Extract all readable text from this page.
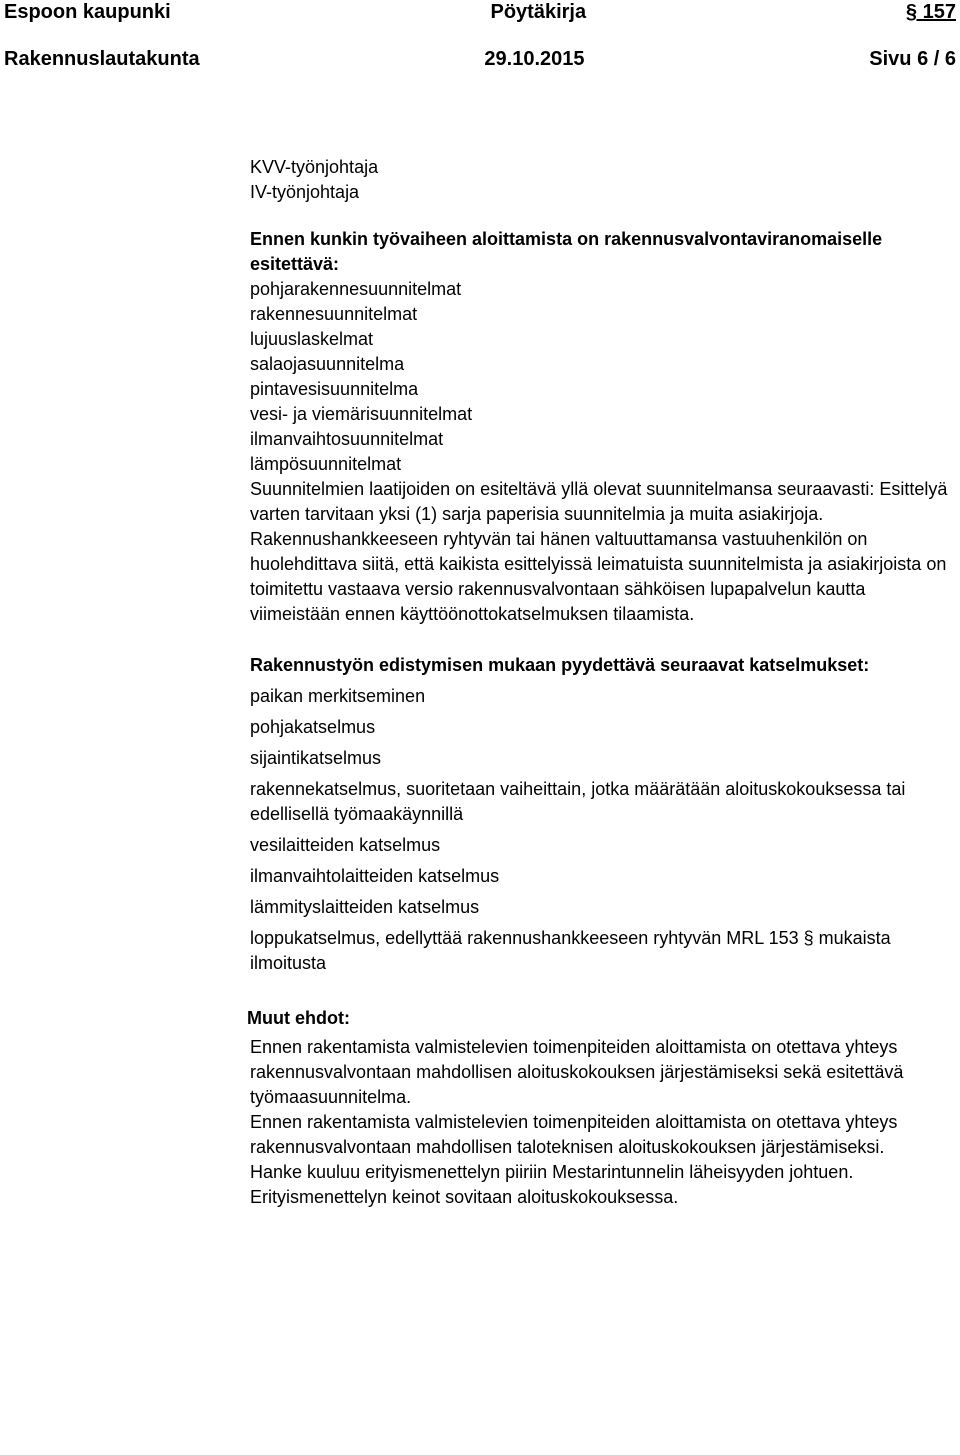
Espoon kaupunki	Pöytäkirja	§ 157
Rakennuslautakunta	29.10.2015	Sivu 6 / 6
KVV-työnjohtaja
IV-työnjohtaja

Ennen kunkin työvaiheen aloittamista on rakennusvalvontaviranomaiselle esitettävä:

pohjarakennesuunnitelmat
rakennesuunnitelmat
lujuuslaskelmat
salaojasuunnitelma
pintavesisuunnitelma
vesi- ja viemärisuunnitelmat
ilmanvaihtosuunnitelmat
lämpösuunnitelmat

Suunnitelmien laatijoiden on esiteltävä yllä olevat suunnitelmansa seuraavasti: Esittelyä varten tarvitaan yksi (1) sarja paperisia suunnitelmia ja muita asiakirjoja. Rakennushankkeeseen ryhtyvän tai hänen valtuuttamansa vastuuhenkilön on huolehdittava siitä, että kaikista esittelyissä leimatuista suunnitelmista ja asiakirjoista on toimitettu vastaava versio rakennusvalvontaan sähköisen lupapalvelun kautta viimeistään ennen käyttöönottokatselmuksen tilaamista.

Rakennustyön edistymisen mukaan pyydettävä seuraavat katselmukset:

paikan merkitseminen
pohjakatselmus
sijaintikatselmus
rakennekatselmus, suoritetaan vaiheittain, jotka määrätään aloituskokouksessa tai edellisellä työmaakäynnillä
vesilaitteiden katselmus
ilmanvaihtolaitteiden katselmus
lämmityslaitteiden katselmus
loppukatselmus, edellyttää rakennushankkeeseen ryhtyvän MRL 153 § mukaista ilmoitusta

Muut ehdot:

Ennen rakentamista valmistelevien toimenpiteiden aloittamista on otettava yhteys rakennusvalvontaan mahdollisen aloituskokouksen järjestämiseksi sekä esitettävä työmaasuunnitelma.

Ennen rakentamista valmistelevien toimenpiteiden aloittamista on otettava yhteys rakennusvalvontaan mahdollisen taloteknisen aloituskokouksen järjestämiseksi.

Hanke kuuluu erityismenettelyn piiriin Mestarintunnelin läheisyyden johtuen. Erityismenettelyn keinot sovitaan aloituskokouksessa.
